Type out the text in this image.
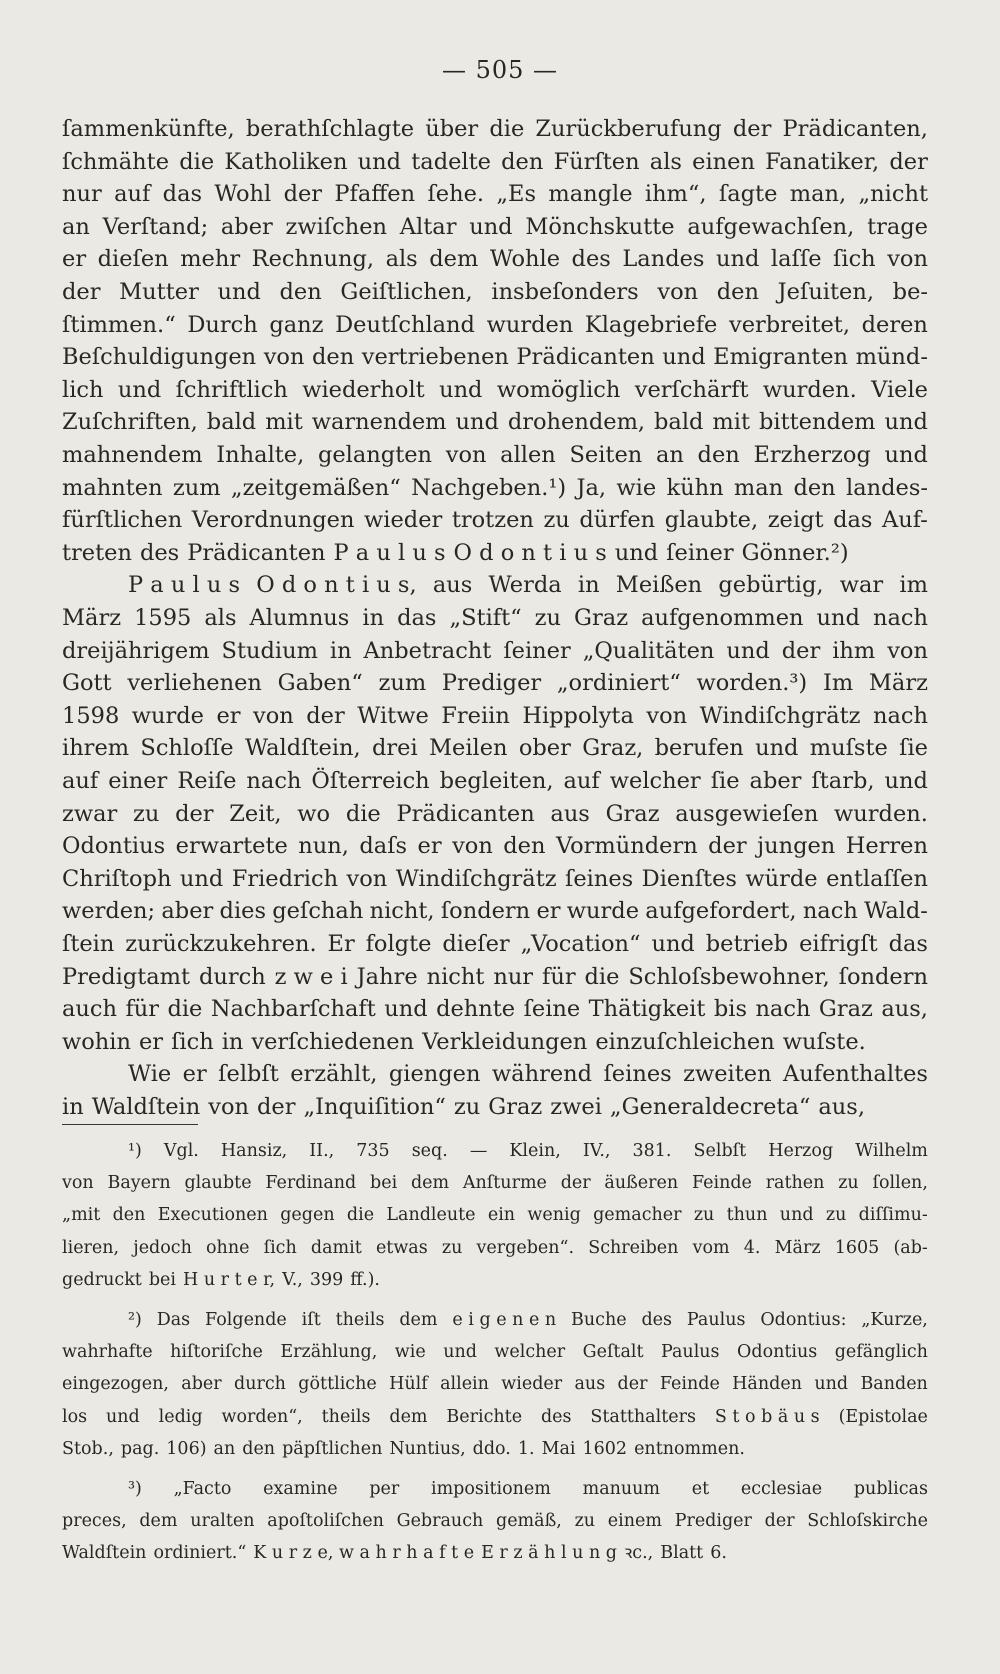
— 505 —
ſammenkünfte, berathſchlagte über die Zurückberufung der Prädicanten,
ſchmähte die Katholiken und tadelte den Fürſten als einen Fanatiker, der
nur auf das Wohl der Pfaffen ſehe. „Es mangle ihm“, ſagte man, „nicht
an Verſtand; aber zwiſchen Altar und Mönchskutte aufgewachſen, trage
er dieſen mehr Rechnung, als dem Wohle des Landes und laſſe ſich von
der Mutter und den Geiſtlichen, insbeſonders von den Jeſuiten, be-
ſtimmen.“ Durch ganz Deutſchland wurden Klagebriefe verbreitet, deren
Beſchuldigungen von den vertriebenen Prädicanten und Emigranten münd-
lich und ſchriftlich wiederholt und womöglich verſchärft wurden. Viele
Zuſchriften, bald mit warnendem und drohendem, bald mit bittendem und
mahnendem Inhalte, gelangten von allen Seiten an den Erzherzog und
mahnten zum „zeitgemäßen“ Nachgeben.¹) Ja, wie kühn man den landes-
fürſtlichen Verordnungen wieder trotzen zu dürfen glaubte, zeigt das Auf-
treten des Prädicanten P a u l u s O d o n t i u s und ſeiner Gönner.²)
P a u l u s O d o n t i u s, aus Werda in Meißen gebürtig, war im
März 1595 als Alumnus in das „Stift“ zu Graz aufgenommen und nach
dreijährigem Studium in Anbetracht ſeiner „Qualitäten und der ihm von
Gott verliehenen Gaben“ zum Prediger „ordiniert“ worden.³) Im März
1598 wurde er von der Witwe Freiin Hippolyta von Windiſchgrätz nach
ihrem Schloſſe Waldſtein, drei Meilen ober Graz, berufen und muſste ſie
auf einer Reiſe nach Öſterreich begleiten, auf welcher ſie aber ſtarb, und
zwar zu der Zeit, wo die Prädicanten aus Graz ausgewieſen wurden.
Odontius erwartete nun, daſs er von den Vormündern der jungen Herren
Chriſtoph und Friedrich von Windiſchgrätz ſeines Dienſtes würde entlaſſen
werden; aber dies geſchah nicht, ſondern er wurde aufgefordert, nach Wald-
ſtein zurückzukehren. Er folgte dieſer „Vocation“ und betrieb eifrigſt das
Predigtamt durch z w e i Jahre nicht nur für die Schloſsbewohner, ſondern
auch für die Nachbarſchaft und dehnte ſeine Thätigkeit bis nach Graz aus,
wohin er ſich in verſchiedenen Verkleidungen einzuſchleichen wuſste.
Wie er ſelbſt erzählt, giengen während ſeines zweiten Aufenthaltes
in Waldſtein von der „Inquiſition“ zu Graz zwei „Generaldecreta“ aus,
¹) Vgl. Hansiz, II., 735 seq. — Klein, IV., 381. Selbſt Herzog Wilhelm
von Bayern glaubte Ferdinand bei dem Anſturme der äußeren Feinde rathen zu ſollen,
„mit den Executionen gegen die Landleute ein wenig gemacher zu thun und zu diſſimu-
lieren, jedoch ohne ſich damit etwas zu vergeben“. Schreiben vom 4. März 1605 (ab-
gedruckt bei H u r t e r, V., 399 ff.).
²) Das Folgende iſt theils dem e i g e n e n Buche des Paulus Odontius: „Kurze,
wahrhafte hiſtoriſche Erzählung, wie und welcher Geſtalt Paulus Odontius gefänglich
eingezogen, aber durch göttliche Hülf allein wieder aus der Feinde Händen und Banden
los und ledig worden“, theils dem Berichte des Statthalters S t o b ä u s (Epistolae
Stob., pag. 106) an den päpſtlichen Nuntius, ddo. 1. Mai 1602 entnommen.
³) „Facto examine per impositionem manuum et ecclesiae publicas
preces, dem uralten apoſtoliſchen Gebrauch gemäß, zu einem Prediger der Schloſskirche
Waldſtein ordiniert.“ K u r z e, w a h r h a f t e E r z ä h l u n g ꝛc., Blatt 6.
